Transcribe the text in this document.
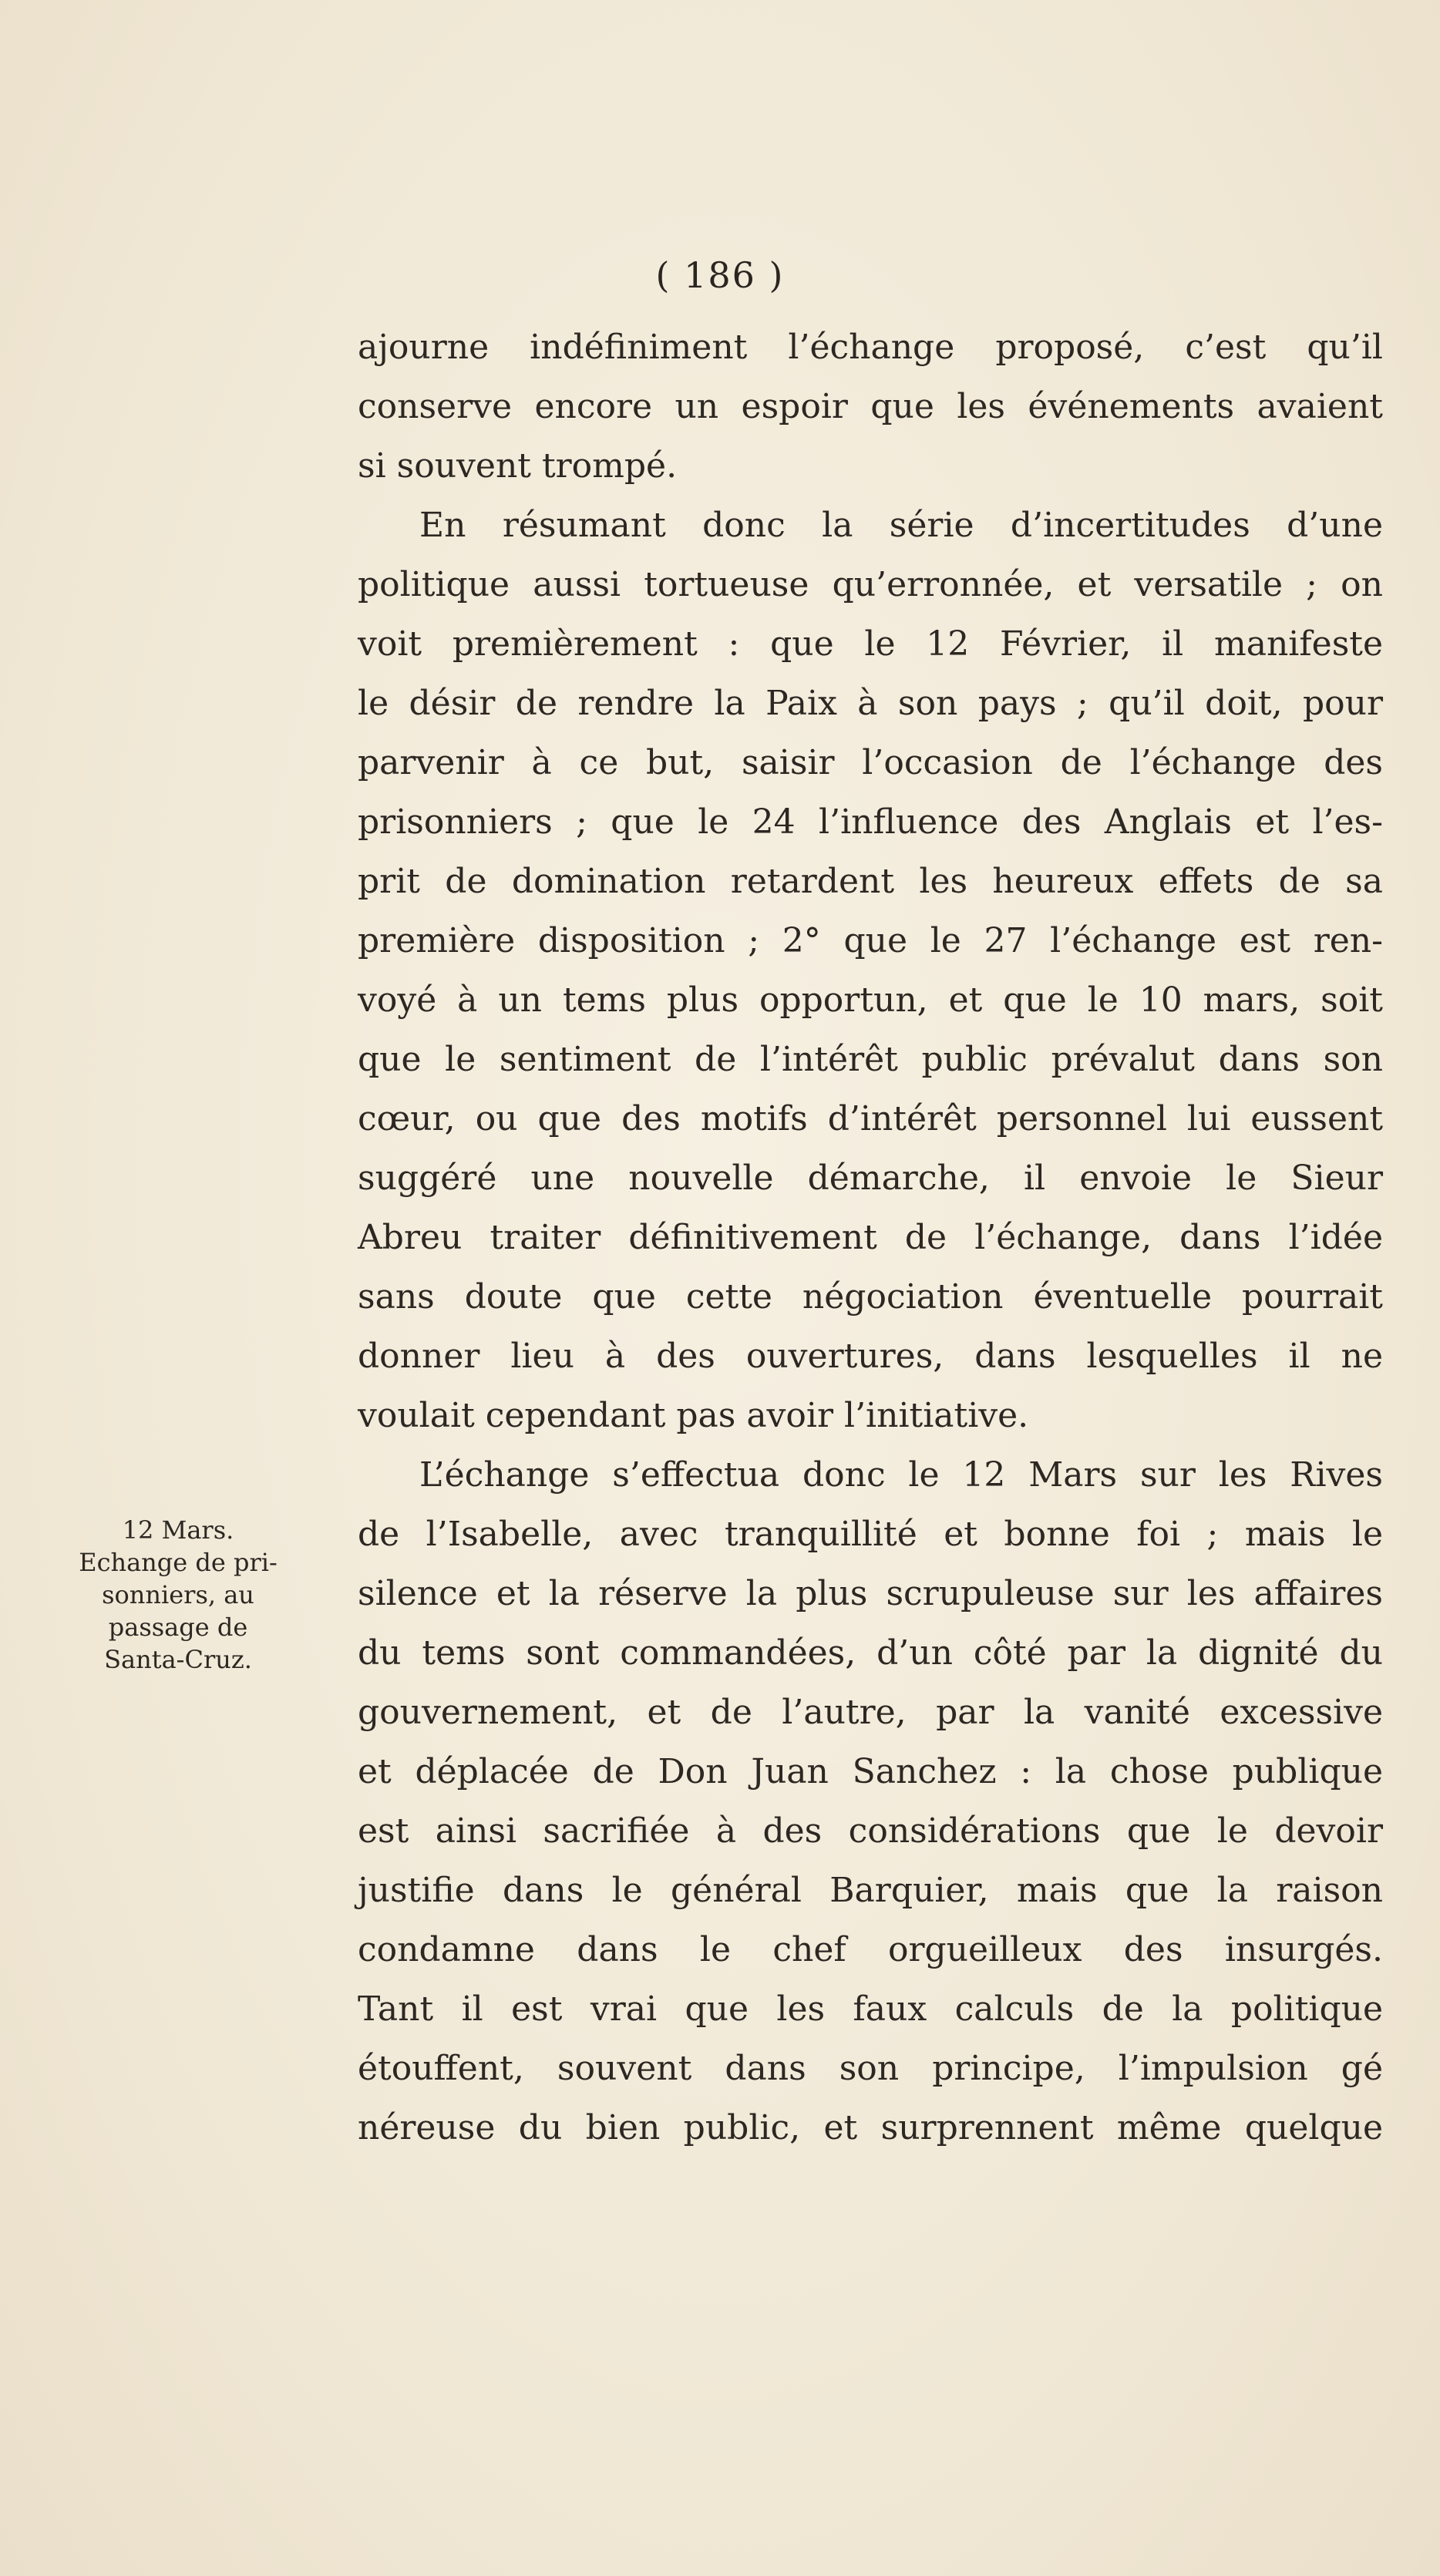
( 186 )
12 Mars.
Echange de pri-
sonniers, au
passage de
Santa-Cruz.
ajourne indéfiniment l’échange proposé, c’est qu’il
conserve encore un espoir que les événements avaient
si souvent trompé.
En résumant donc la série d’incertitudes d’une
politique aussi tortueuse qu’erronnée, et versatile ; on
voit premièrement : que le 12 Février, il manifeste
le désir de rendre la Paix à son pays ; qu’il doit, pour
parvenir à ce but, saisir l’occasion de l’échange des
prisonniers ; que le 24 l’influence des Anglais et l’es-
prit de domination retardent les heureux effets de sa
première disposition ; 2° que le 27 l’échange est ren-
voyé à un tems plus opportun, et que le 10 mars, soit
que le sentiment de l’intérêt public prévalut dans son
cœur, ou que des motifs d’intérêt personnel lui eussent
suggéré une nouvelle démarche, il envoie le Sieur
Abreu traiter définitivement de l’échange, dans l’idée
sans doute que cette négociation éventuelle pourrait
donner lieu à des ouvertures, dans lesquelles il ne
voulait cependant pas avoir l’initiative.
L’échange s’effectua donc le 12 Mars sur les Rives
de l’Isabelle, avec tranquillité et bonne foi ; mais le
silence et la réserve la plus scrupuleuse sur les affaires
du tems sont commandées, d’un côté par la dignité du
gouvernement, et de l’autre, par la vanité excessive
et déplacée de Don Juan Sanchez : la chose publique
est ainsi sacrifiée à des considérations que le devoir
justifie dans le général Barquier, mais que la raison
condamne dans le chef orgueilleux des insurgés.
Tant il est vrai que les faux calculs de la politique
étouffent, souvent dans son principe, l’impulsion gé
néreuse du bien public, et surprennent même quelque
